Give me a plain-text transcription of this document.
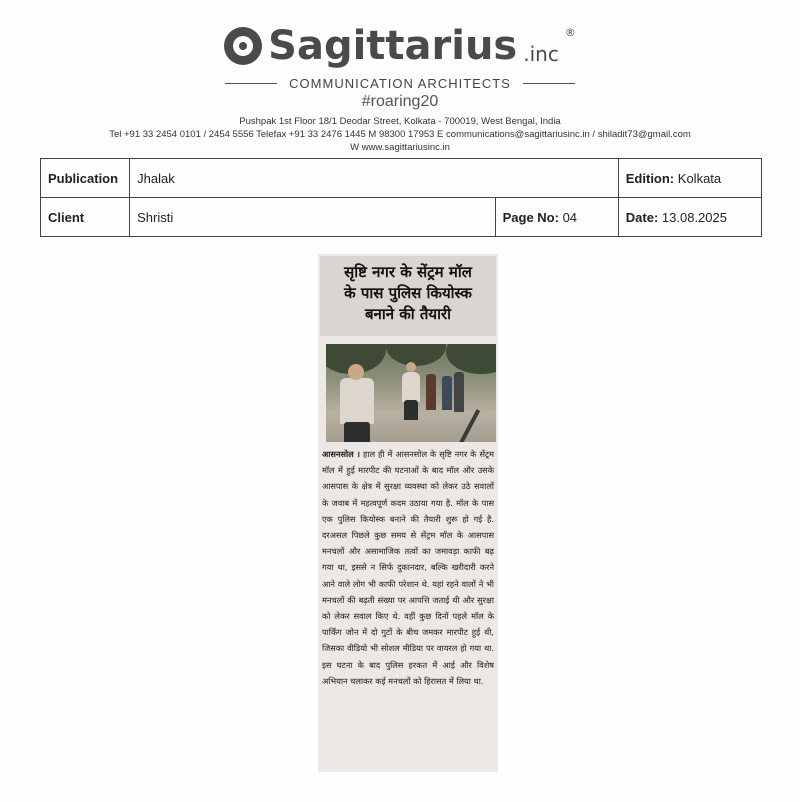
Sagittarius .inc
®
COMMUNICATION ARCHITECTS
#roaring20
Pushpak 1st Floor 18/1 Deodar Street, Kolkata - 700019, West Bengal, India
Tel +91 33 2454 0101 / 2454 5556 Telefax +91 33 2476 1445 M 98300 17953 E communications@sagittariusinc.in / shiladit73@gmail.com
W www.sagittariusinc.in
Publication	Jhalak		Edition: Kolkata
Client	Shristi	Page No: 04	Date: 13.08.2025
सृष्टि नगर के सेंट्रम मॉल
के पास पुलिस कियोस्क
बनाने की तैयारी
आसनसोल । हाल ही में आसनसोल के सृष्टि नगर के सेंट्रम मॉल में हुई मारपीट की घटनाओं के बाद मॉल और उसके आसपास के क्षेत्र में सुरक्षा व्यवस्था को लेकर उठे सवालों के जवाब में महत्वपूर्ण कदम उठाया गया है. मॉल के पास एक पुलिस कियोस्क बनाने की तैयारी शुरू हो गई है. दरअसल पिछले कुछ समय से सेंट्रम मॉल के आसपास मनचलों और असामाजिक तत्वों का जमावड़ा काफी बढ़ गया था, इससे न सिर्फ दुकानदार, बल्कि खरीदारी करने आने वाले लोग भी काफी परेशान थे. यहां रहने वालों ने भी मनचलों की बढ़ती संख्या पर आपत्ति जताई थी और सुरक्षा को लेकर सवाल किए थे. वहीं कुछ दिनों पहले मॉल के पार्किंग जोन में दो गुटों के बीच जमकर मारपीट हुई थी, जिसका वीडियो भी सोशल मीडिया पर वायरल हो गया था. इस घटना के बाद पुलिस हरकत में आई और विशेष अभियान चलाकर कई मनचलों को हिरासत में लिया था.
